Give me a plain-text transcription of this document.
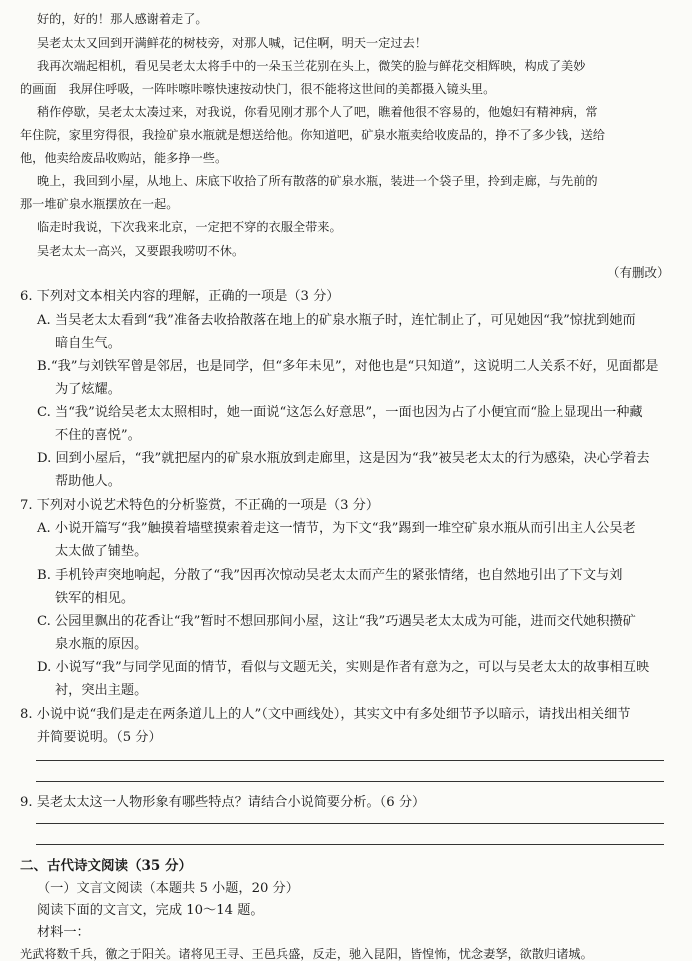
好的，好的！那人感谢着走了。
吴老太太又回到开满鲜花的树枝旁，对那人喊，记住啊，明天一定过去！
我再次端起相机，看见吴老太太将手中的一朵玉兰花别在头上，微笑的脸与鲜花交相辉映，构成了美妙
的画面　我屏住呼吸，一阵咔嚓咔嚓快速按动快门，很不能将这世间的美都摄入镜头里。
稍作停歇，吴老太太凑过来，对我说，你看见刚才那个人了吧，瞧着他很不容易的，他媳妇有精神病，常
年住院，家里穷得很，我捡矿泉水瓶就是想送给他。你知道吧，矿泉水瓶卖给收废品的，挣不了多少钱，送给
他，他卖给废品收购站，能多挣一些。
晚上，我回到小屋，从地上、床底下收拾了所有散落的矿泉水瓶，装进一个袋子里，拎到走廊，与先前的
那一堆矿泉水瓶摆放在一起。
临走时我说，下次我来北京，一定把不穿的衣服全带来。
吴老太太一高兴，又要跟我唠叨不休。
（有删改）
6. 下列对文本相关内容的理解，正确的一项是（3 分）
A. 当吴老太太看到“我”准备去收拾散落在地上的矿泉水瓶子时，连忙制止了，可见她因“我”惊扰到她而
暗自生气。
B.“我”与刘铁军曾是邻居，也是同学，但“多年未见”，对他也是“只知道”，这说明二人关系不好，见面都是
为了炫耀。
C. 当“我”说给吴老太太照相时，她一面说“这怎么好意思”，一面也因为占了小便宜而“脸上显现出一种藏
不住的喜悦”。
D. 回到小屋后，“我”就把屋内的矿泉水瓶放到走廊里，这是因为“我”被吴老太太的行为感染，决心学着去
帮助他人。
7. 下列对小说艺术特色的分析鉴赏，不正确的一项是（3 分）
A. 小说开篇写“我”触摸着墙壁摸索着走这一情节，为下文“我”踢到一堆空矿泉水瓶从而引出主人公吴老
太太做了铺垫。
B. 手机铃声突地响起，分散了“我”因再次惊动吴老太太而产生的紧张情绪，也自然地引出了下文与刘
铁军的相见。
C. 公园里飘出的花香让“我”暂时不想回那间小屋，这让“我”巧遇吴老太太成为可能，进而交代她积攒矿
泉水瓶的原因。
D. 小说写“我”与同学见面的情节，看似与文题无关，实则是作者有意为之，可以与吴老太太的故事相互映
衬，突出主题。
8. 小说中说“我们是走在两条道儿上的人”（文中画线处），其实文中有多处细节予以暗示，请找出相关细节
并简要说明。（5 分）
9. 吴老太太这一人物形象有哪些特点？请结合小说简要分析。（6 分）
二、古代诗文阅读（35 分）
（一）文言文阅读（本题共 5 小题，20 分）
阅读下面的文言文，完成 10～14 题。
材料一：
光武将数千兵，徼之于阳关。诸将见王寻、王邑兵盛，反走，驰入昆阳，皆惶怖，忧念妻孥，欲散归诸城。
